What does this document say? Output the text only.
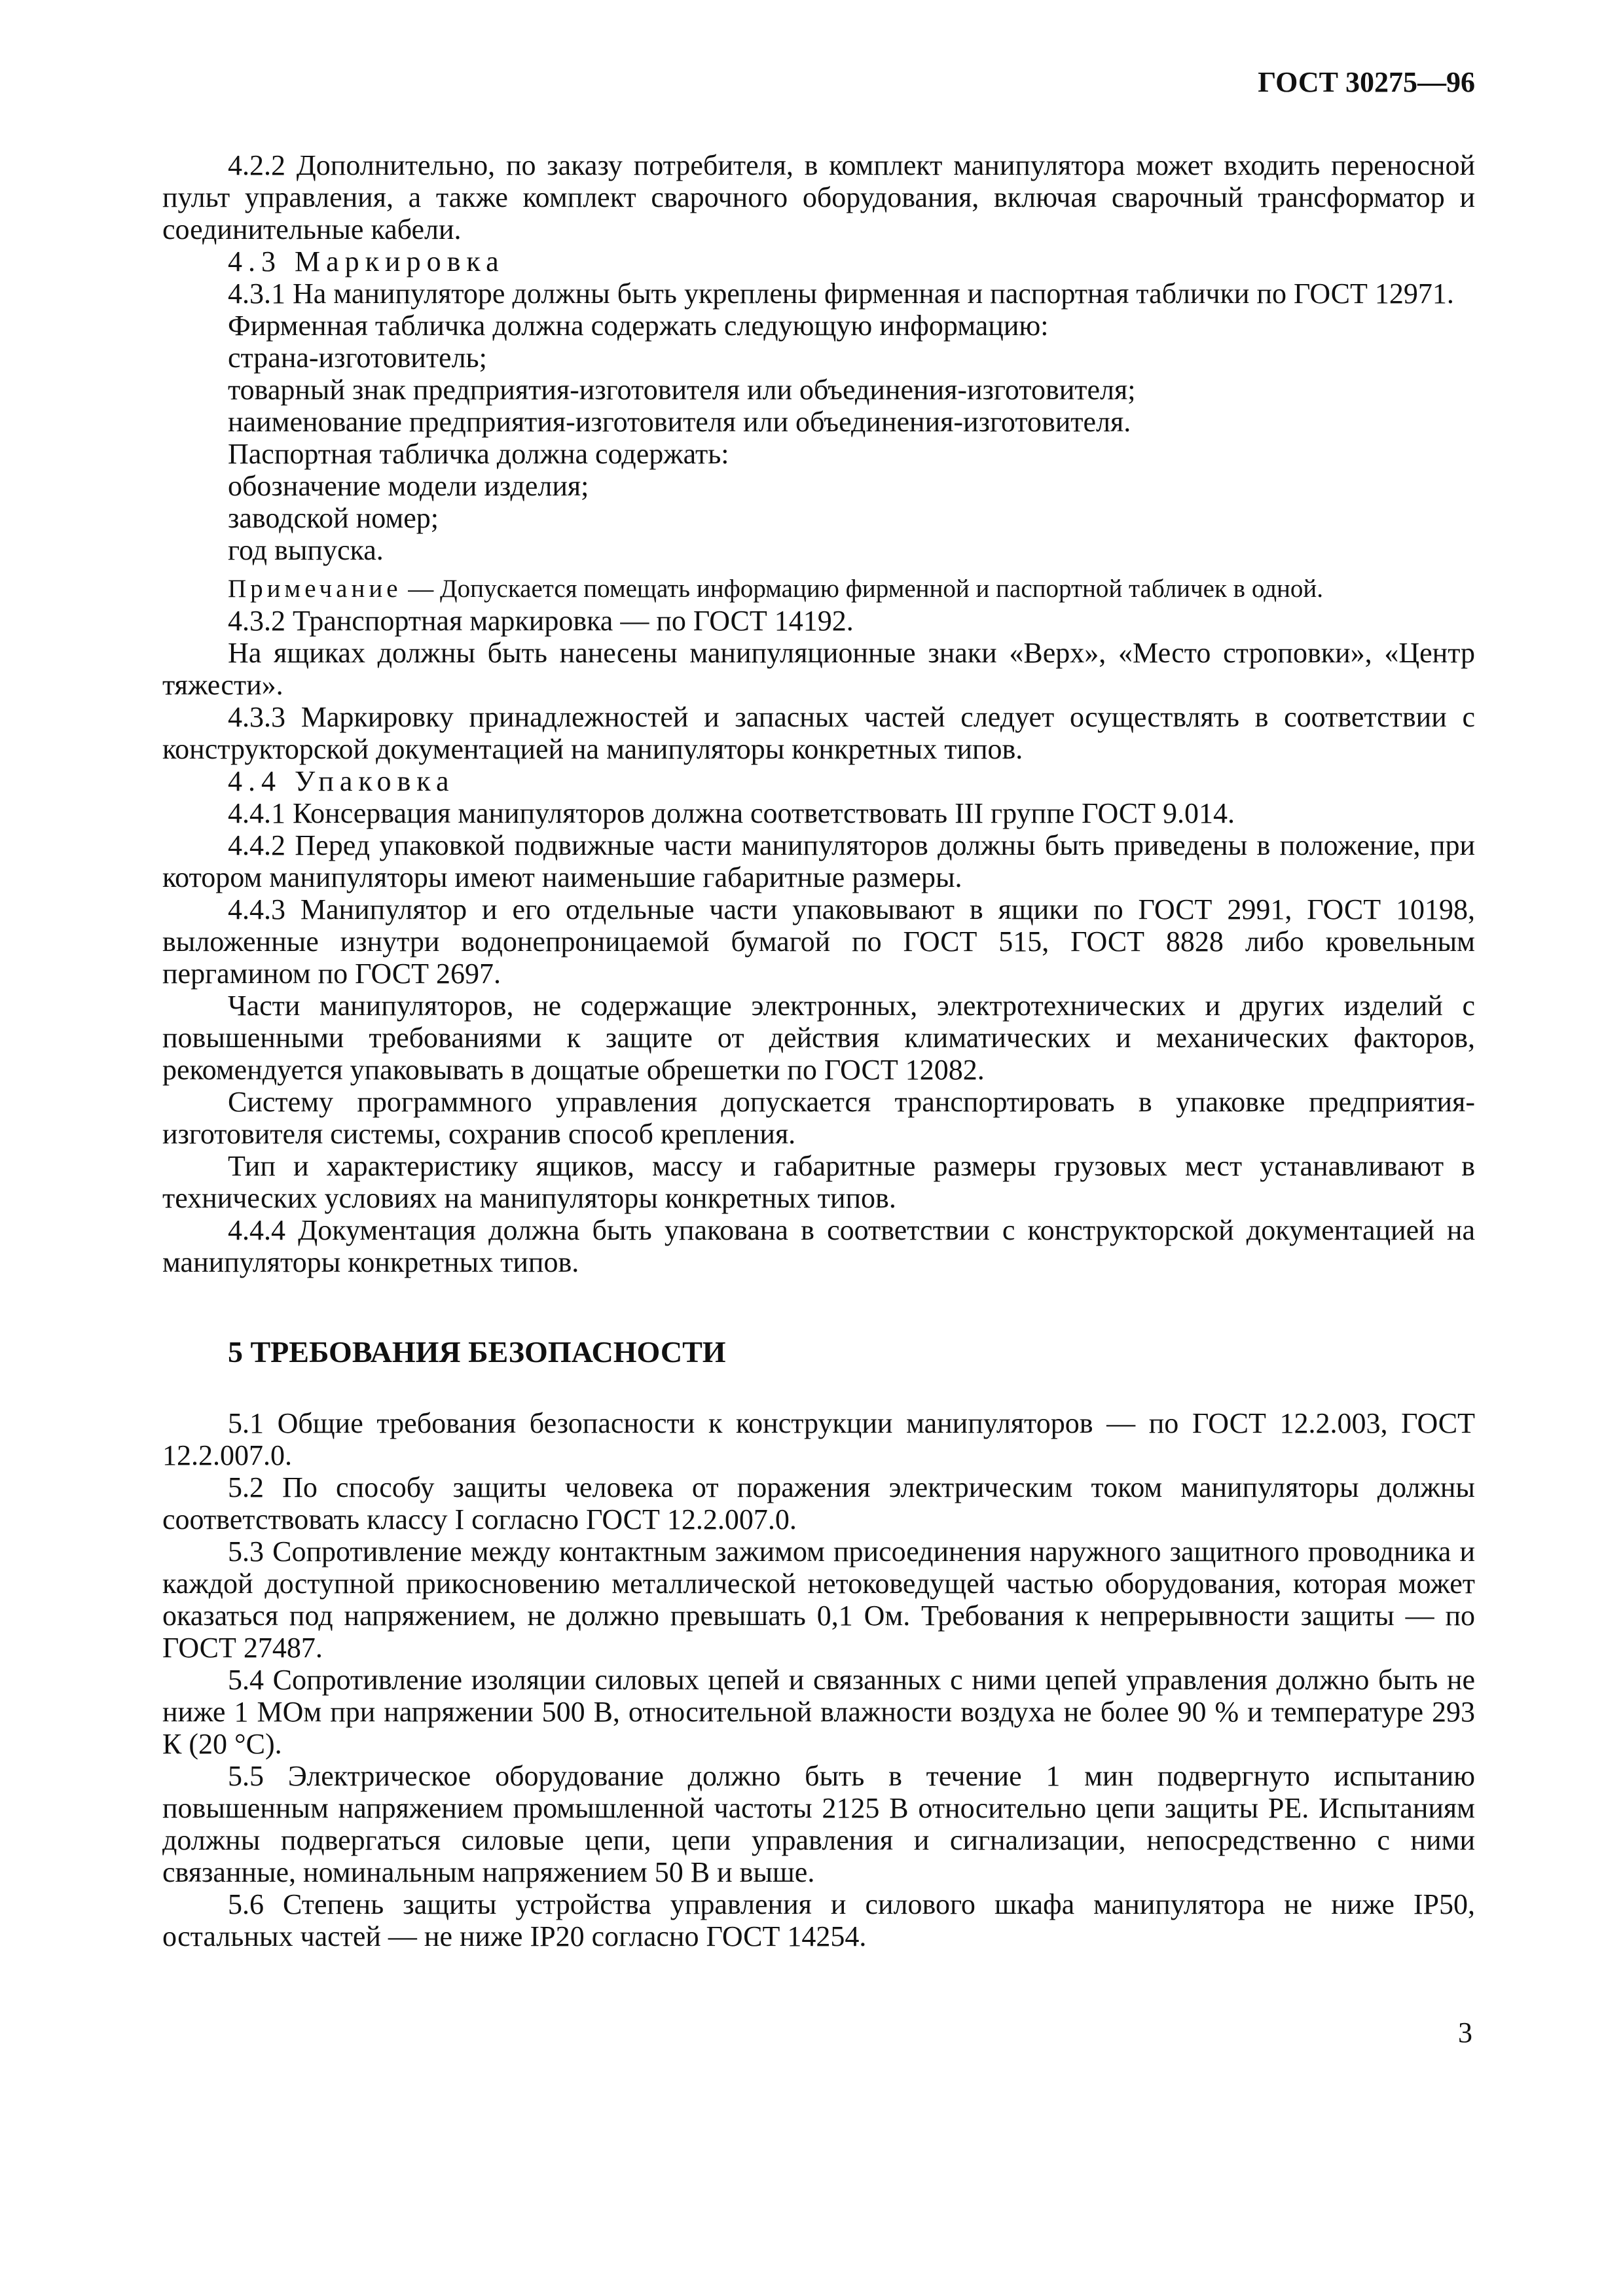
ГОСТ 30275—96

4.2.2 Дополнительно, по заказу потребителя, в комплект манипулятора может входить переносной пульт управления, а также комплект сварочного оборудования, включая сварочный трансформатор и соединительные кабели.

4.3 Маркировка

4.3.1 На манипуляторе должны быть укреплены фирменная и паспортная таблички по ГОСТ 12971.

Фирменная табличка должна содержать следующую информацию:

страна-изготовитель;

товарный знак предприятия-изготовителя или объединения-изготовителя;

наименование предприятия-изготовителя или объединения-изготовителя.

Паспортная табличка должна содержать:

обозначение модели изделия;

заводской номер;

год выпуска.

Примечание — Допускается помещать информацию фирменной и паспортной табличек в одной.

4.3.2 Транспортная маркировка — по ГОСТ 14192.

На ящиках должны быть нанесены манипуляционные знаки «Верх», «Место строповки», «Центр тяжести».

4.3.3 Маркировку принадлежностей и запасных частей следует осуществлять в соответствии с конструкторской документацией на манипуляторы конкретных типов.

4.4 Упаковка

4.4.1 Консервация манипуляторов должна соответствовать III группе ГОСТ 9.014.

4.4.2 Перед упаковкой подвижные части манипуляторов должны быть приведены в положение, при котором манипуляторы имеют наименьшие габаритные размеры.

4.4.3 Манипулятор и его отдельные части упаковывают в ящики по ГОСТ 2991, ГОСТ 10198, выложенные изнутри водонепроницаемой бумагой по ГОСТ 515, ГОСТ 8828 либо кровельным пергамином по ГОСТ 2697.

Части манипуляторов, не содержащие электронных, электротехнических и других изделий с повышенными требованиями к защите от действия климатических и механических факторов, рекомендуется упаковывать в дощатые обрешетки по ГОСТ 12082.

Систему программного управления допускается транспортировать в упаковке предприятия-изготовителя системы, сохранив способ крепления.

Тип и характеристику ящиков, массу и габаритные размеры грузовых мест устанавливают в технических условиях на манипуляторы конкретных типов.

4.4.4 Документация должна быть упакована в соответствии с конструкторской документацией на манипуляторы конкретных типов.

5 ТРЕБОВАНИЯ БЕЗОПАСНОСТИ

5.1 Общие требования безопасности к конструкции манипуляторов — по ГОСТ 12.2.003, ГОСТ 12.2.007.0.

5.2 По способу защиты человека от поражения электрическим током манипуляторы должны соответствовать классу I согласно ГОСТ 12.2.007.0.

5.3 Сопротивление между контактным зажимом присоединения наружного защитного проводника и каждой доступной прикосновению металлической нетоковедущей частью оборудования, которая может оказаться под напряжением, не должно превышать 0,1 Ом. Требования к непрерывности защиты — по ГОСТ 27487.

5.4 Сопротивление изоляции силовых цепей и связанных с ними цепей управления должно быть не ниже 1 МОм при напряжении 500 В, относительной влажности воздуха не более 90 % и температуре 293 К (20 °С).

5.5 Электрическое оборудование должно быть в течение 1 мин подвергнуто испытанию повышенным напряжением промышленной частоты 2125 В относительно цепи защиты РЕ. Испытаниям должны подвергаться силовые цепи, цепи управления и сигнализации, непосредственно с ними связанные, номинальным напряжением 50 В и выше.

5.6 Степень защиты устройства управления и силового шкафа манипулятора не ниже IP50, остальных частей — не ниже IP20 согласно ГОСТ 14254.

3
